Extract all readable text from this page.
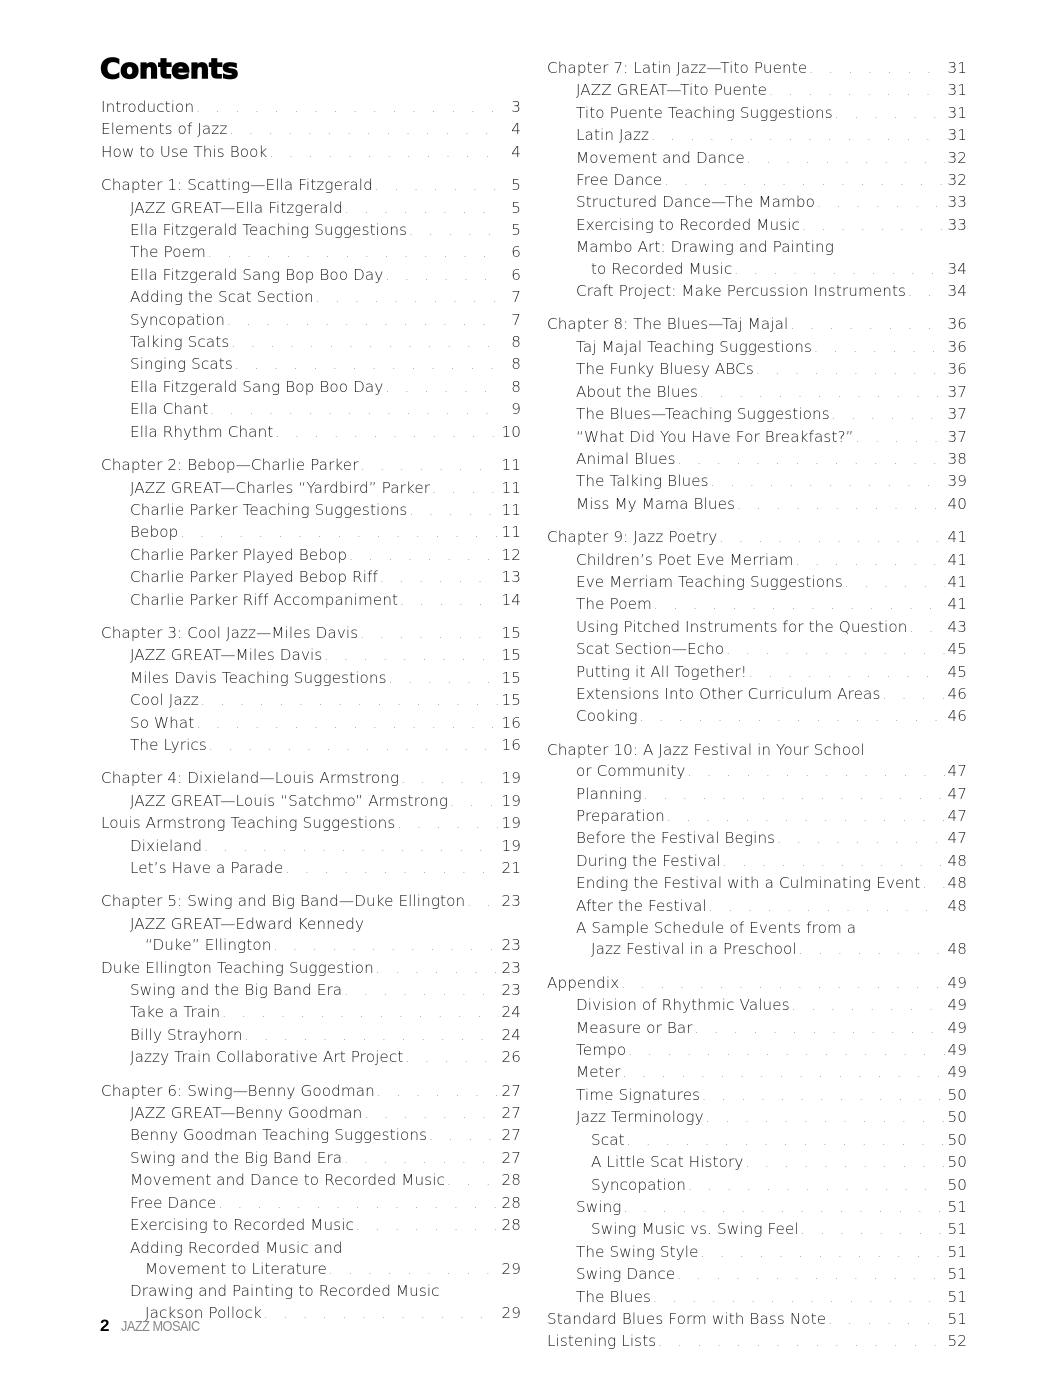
Contents
Introduction . . .	3
Elements of Jazz . . .	4
How to Use This Book . . .	4
Chapter 1: Scatting—Ella Fitzgerald . . .	5
JAZZ GREAT—Ella Fitzgerald . . .	5
Ella Fitzgerald Teaching Suggestions . . .	5
The Poem . . .	6
Ella Fitzgerald Sang Bop Boo Day . . .	6
Adding the Scat Section . . .	7
Syncopation . . .	7
Talking Scats . . .	8
Singing Scats . . .	8
Ella Fitzgerald Sang Bop Boo Day . . .	8
Ella Chant . . .	9
Ella Rhythm Chant . . .	10
Chapter 2: Bebop—Charlie Parker . . .	11
JAZZ GREAT—Charles “Yardbird” Parker . . .	11
Charlie Parker Teaching Suggestions . . .	11
Bebop . . .	11
Charlie Parker Played Bebop . . .	12
Charlie Parker Played Bebop Riff . . .	13
Charlie Parker Riff Accompaniment . . .	14
Chapter 3: Cool Jazz—Miles Davis . . .	15
JAZZ GREAT—Miles Davis . . .	15
Miles Davis Teaching Suggestions . . .	15
Cool Jazz . . .	15
So What . . .	16
The Lyrics . . .	16
Chapter 4: Dixieland—Louis Armstrong . . .	19
JAZZ GREAT—Louis “Satchmo” Armstrong . . .	19
Louis Armstrong Teaching Suggestions . . .	19
Dixieland . . .	19
Let’s Have a Parade . . .	21
Chapter 5: Swing and Big Band—Duke Ellington . . . 23
JAZZ GREAT—Edward Kennedy
“Duke” Ellington . . .	23
Duke Ellington Teaching Suggestion . . .	23
Swing and the Big Band Era . . .	23
Take a Train . . .	24
Billy Strayhorn . . .	24
Jazzy Train Collaborative Art Project . . .	26
Chapter 6: Swing—Benny Goodman . . .	27
JAZZ GREAT—Benny Goodman . . .	27
Benny Goodman Teaching Suggestions . . .	27
Swing and the Big Band Era . . .	27
Movement and Dance to Recorded Music . . .	28
Free Dance . . .	28
Exercising to Recorded Music . . .	28
Adding Recorded Music and
Movement to Literature . . .	29
Drawing and Painting to Recorded Music
Jackson Pollock . . .	29
Chapter 7: Latin Jazz—Tito Puente . . .	31
JAZZ GREAT—Tito Puente . . .	31
Tito Puente Teaching Suggestions . . .	31
Latin Jazz . . .	31
Movement and Dance . . .	32
Free Dance . . .	32
Structured Dance—The Mambo . . .	33
Exercising to Recorded Music . . .	33
Mambo Art: Drawing and Painting
to Recorded Music . . .	34
Craft Project: Make Percussion Instruments . . .	34
Chapter 8: The Blues—Taj Majal . . .	36
Taj Majal Teaching Suggestions . . .	36
The Funky Bluesy ABCs . . .	36
About the Blues . . .	37
The Blues—Teaching Suggestions . . .	37
“What Did You Have For Breakfast?” . . .	37
Animal Blues . . .	38
The Talking Blues . . .	39
Miss My Mama Blues . . .	40
Chapter 9: Jazz Poetry . . .	41
Children’s Poet Eve Merriam . . .	41
Eve Merriam Teaching Suggestions . . .	41
The Poem . . .	41
Using Pitched Instruments for the Question . . .	43
Scat Section—Echo . . .	45
Putting it All Together! . . .	45
Extensions Into Other Curriculum Areas . . .	46
Cooking . . .	46
Chapter 10: A Jazz Festival in Your School
or Community . . .	47
Planning . . .	47
Preparation . . .	47
Before the Festival Begins . . .	47
During the Festival . . .	48
Ending the Festival with a Culminating Event . . . 48
After the Festival . . .	48
A Sample Schedule of Events from a
Jazz Festival in a Preschool . . .	48
Appendix . . .	49
Division of Rhythmic Values . . .	49
Measure or Bar . . .	49
Tempo . . .	49
Meter . . .	49
Time Signatures . . .	50
Jazz Terminology . . .	50
Scat . . .	50
A Little Scat History . . .	50
Syncopation . . .	50
Swing . . .	51
Swing Music vs. Swing Feel . . .	51
The Swing Style . . .	51
Swing Dance . . .	51
The Blues . . .	51
Standard Blues Form with Bass Note . . .	51
Listening Lists . . .	52
2 JAZZ MOSAIC
